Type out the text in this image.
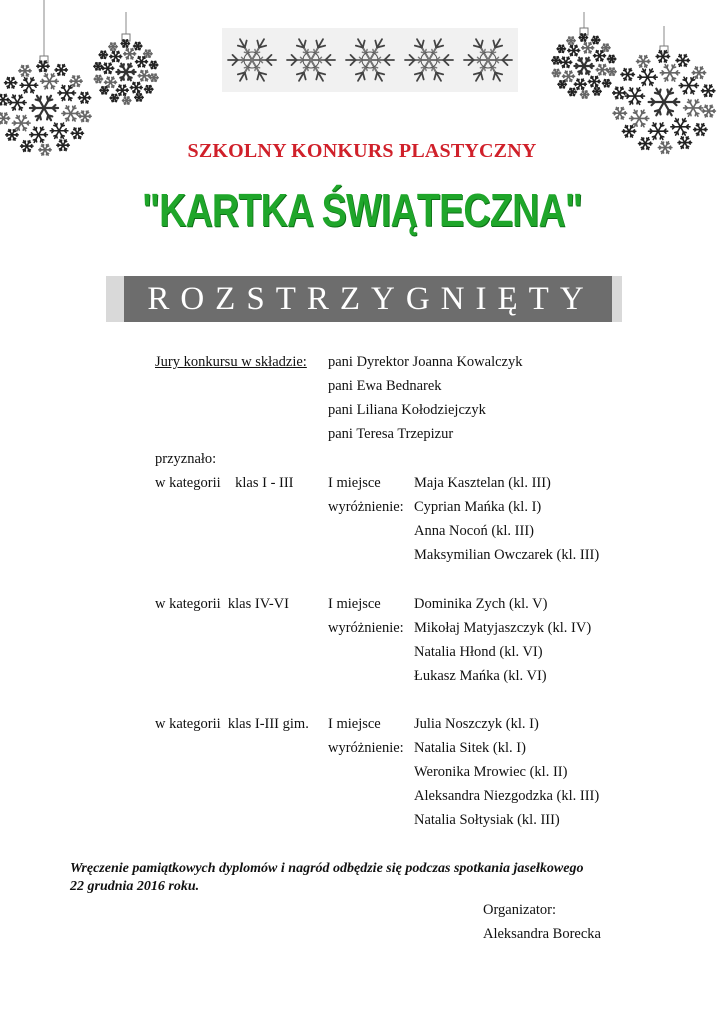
SZKOLNY KONKURS PLASTYCZNY
"KARTKA ŚWIĄTECZNA"
ROZSTRZYGNIĘTY
Jury konkursu w składzie: pani Dyrektor Joanna Kowalczyk
pani Ewa Bednarek
pani Liliana Kołodziejczyk
pani Teresa Trzepizur
przyznało:
w kategorii    klas I - III I miejsce Maja Kasztelan (kl. III)
wyróżnienie: Cyprian Mańka (kl. I)
Anna Nocoń (kl. III)
Maksymilian Owczarek (kl. III)
w kategorii  klas IV-VI	I miejsce Dominika Zych (kl. V)
wyróżnienie: Mikołaj Matyjaszczyk (kl. IV)
Natalia Hłond (kl. VI)
Łukasz Mańka (kl. VI)
w kategorii  klas I-III gim. I miejsce Julia Noszczyk (kl. I)
wyróżnienie: Natalia Sitek (kl. I)
Weronika Mrowiec (kl. II)
Aleksandra Niezgodzka (kl. III)
Natalia Sołtysiak (kl. III)
Wręczenie pamiątkowych dyplomów i nagród odbędzie się podczas spotkania jasełkowego
22 grudnia 2016 roku.
Organizator:
Aleksandra Borecka
